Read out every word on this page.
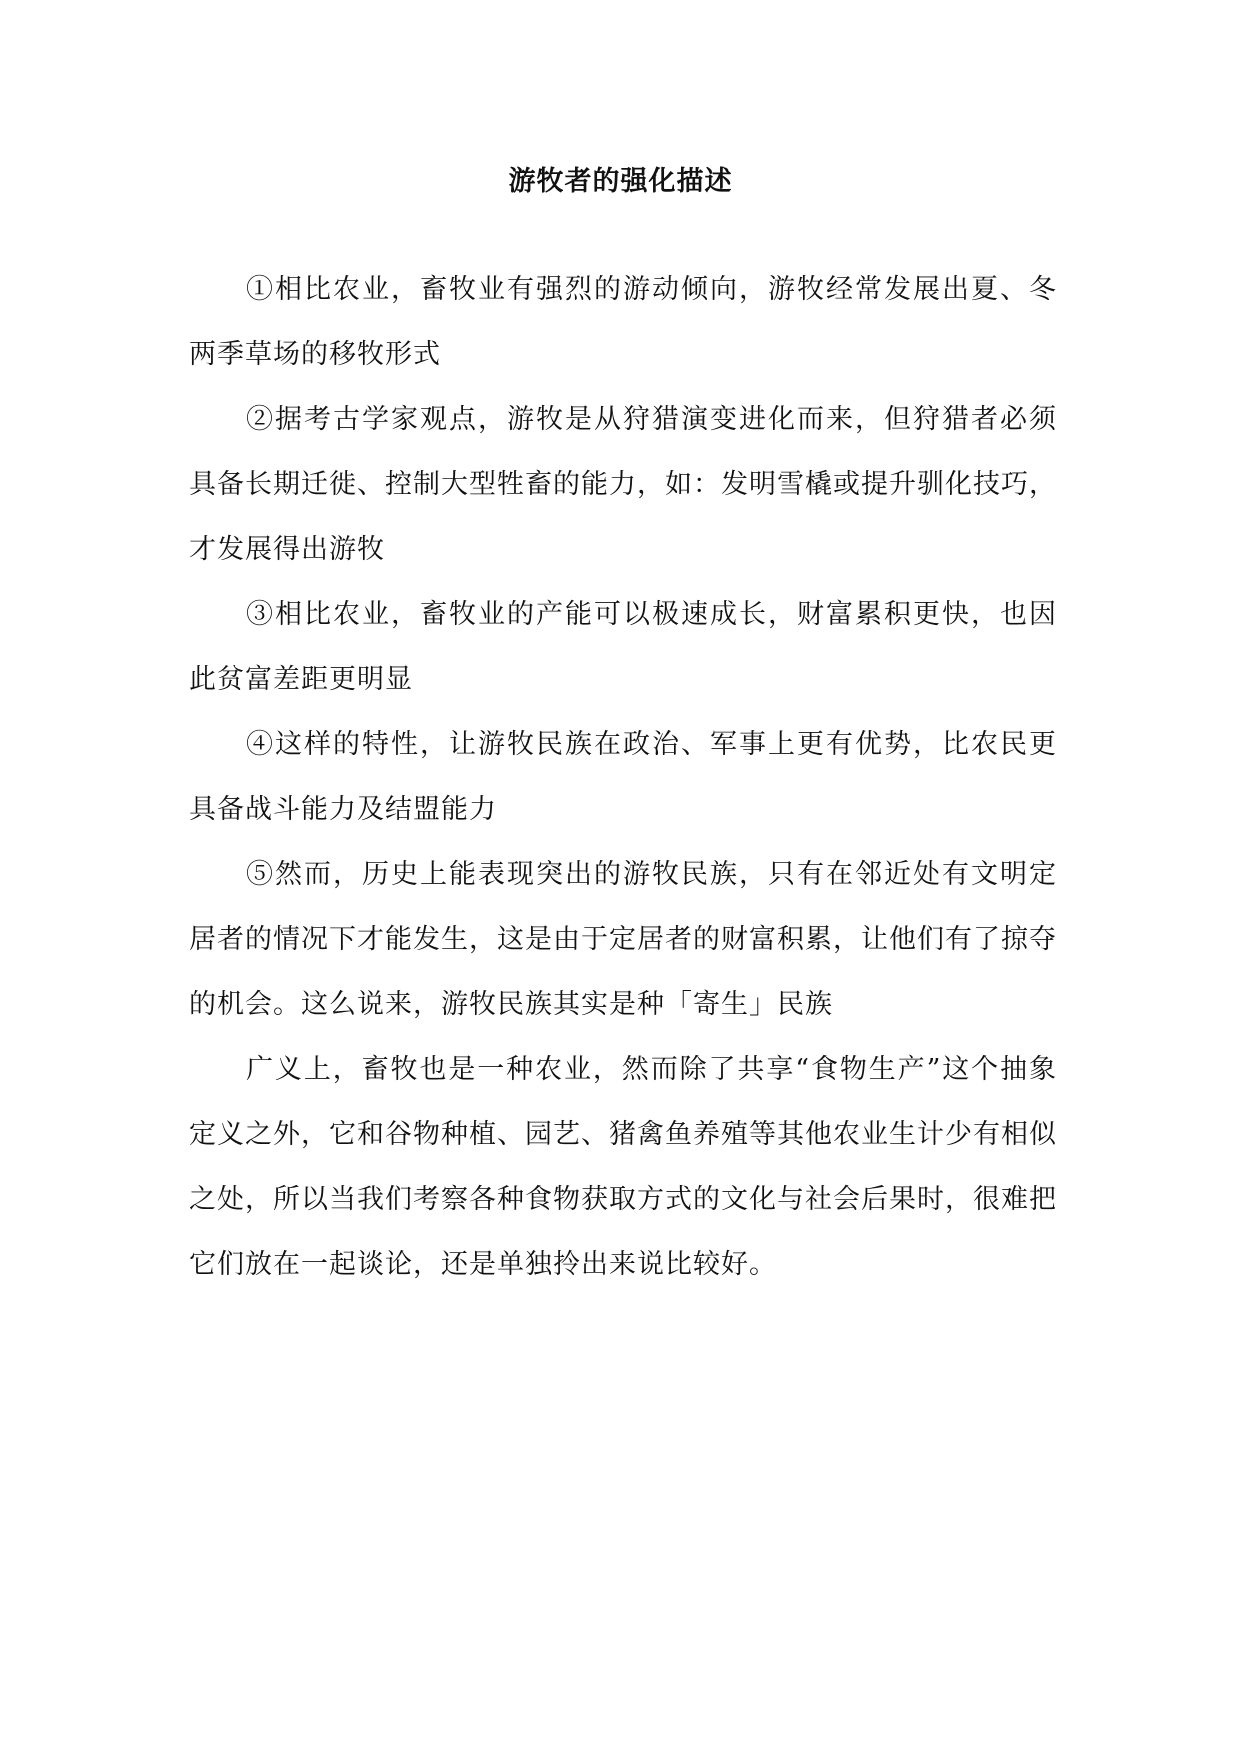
游牧者的强化描述

①相比农业，畜牧业有强烈的游动倾向，游牧经常发展出夏、冬两季草场的移牧形式

②据考古学家观点，游牧是从狩猎演变进化而来，但狩猎者必须具备长期迁徙、控制大型牲畜的能力，如：发明雪橇或提升驯化技巧，才发展得出游牧

③相比农业，畜牧业的产能可以极速成长，财富累积更快，也因此贫富差距更明显

④这样的特性，让游牧民族在政治、军事上更有优势，比农民更具备战斗能力及结盟能力

⑤然而，历史上能表现突出的游牧民族，只有在邻近处有文明定居者的情况下才能发生，这是由于定居者的财富积累，让他们有了掠夺的机会。这么说来，游牧民族其实是种「寄生」民族

广义上，畜牧也是一种农业，然而除了共享“食物生产”这个抽象定义之外，它和谷物种植、园艺、猪禽鱼养殖等其他农业生计少有相似之处，所以当我们考察各种食物获取方式的文化与社会后果时，很难把它们放在一起谈论，还是单独拎出来说比较好。
